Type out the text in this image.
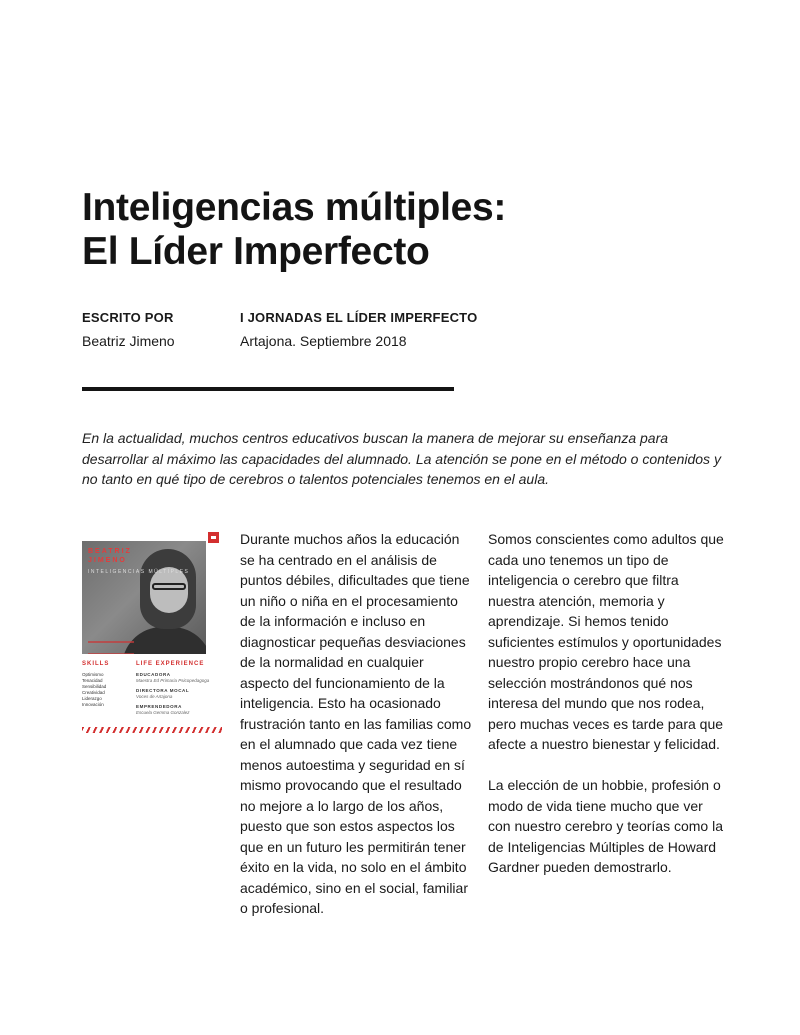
Inteligencias múltiples:
El Líder Imperfecto
ESCRITO POR
Beatriz Jimeno
I JORNADAS EL LÍDER IMPERFECTO
Artajona. Septiembre 2018
En la actualidad, muchos centros educativos buscan la manera de mejorar su enseñanza para desarrollar al máximo las capacidades del alumnado. La atención se pone en el método o contenidos y no tanto en qué tipo de cerebros o talentos potenciales tenemos en el aula.
BEATRIZ
JIMENO
INTELIGENCIAS MÚLTIPLES
SKILLS
Optimismo
Tenacidad
Sensibilidad
Creatividad
Liderazgo
Innovación
LIFE EXPERIENCE
EDUCADORA
Maestra Ed Primaria Psicopedagoga
DIRECTORA MOCAL
Voces de Artajona
EMPRENDEDORA
Escuela Gemma Gonzalez

Durante muchos años la educación se ha centrado en el análisis de puntos débiles, dificultades que tiene un niño o niña en el procesamiento de la información e incluso en diagnosticar pequeñas desviaciones de la normalidad en cualquier aspecto del funcionamiento de la inteligencia. Esto ha ocasionado frustración tanto en las familias como en el alumnado que cada vez tiene menos autoestima y seguridad en sí mismo provocando que el resultado no mejore a lo largo de los años, puesto que son estos aspectos los que en un futuro les permitirán tener éxito en la vida, no solo en el ámbito académico, sino en el social, familiar o profesional.

Somos conscientes como adultos que cada uno tenemos un tipo de inteligencia o cerebro que filtra nuestra atención, memoria y aprendizaje. Si hemos tenido suficientes estímulos y oportunidades nuestro propio cerebro hace una selección mostrándonos qué nos interesa del mundo que nos rodea, pero muchas veces es tarde para que afecte a nuestro bienestar y felicidad.

La elección de un hobbie, profesión o modo de vida tiene mucho que ver con nuestro cerebro y teorías como la de Inteligencias Múltiples de Howard Gardner pueden demostrarlo.
